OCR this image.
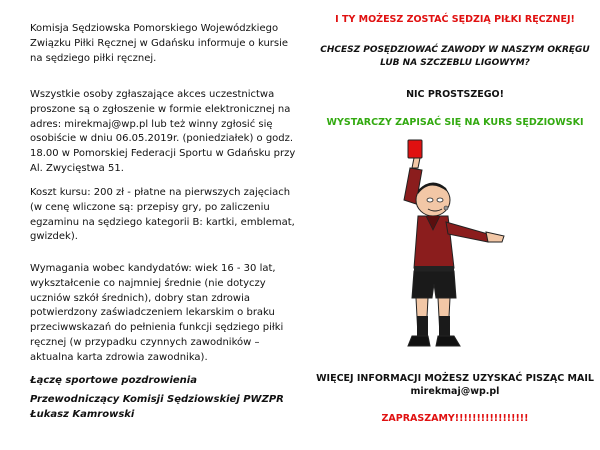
Komisja Sędziowska Pomorskiego Wojewódzkiego Związku Piłki Ręcznej w Gdańsku informuje o kursie na sędziego piłki ręcznej.

Wszystkie osoby zgłaszające akces uczestnictwa proszone są o zgłoszenie w formie elektronicznej na adres: mirekmaj@wp.pl lub też winny zgłosić się osobiście w dniu 06.05.2019r. (poniedziałek) o godz. 18.00 w Pomorskiej Federacji Sportu w Gdańsku przy Al. Zwycięstwa 51.

Koszt kursu: 200 zł - płatne na pierwszych zajęciach (w cenę wliczone są: przepisy gry, po zaliczeniu egzaminu na sędziego kategorii B: kartki, emblemat, gwizdek).

Wymagania wobec kandydatów: wiek 16 - 30 lat, wykształcenie co najmniej średnie (nie dotyczy uczniów szkół średnich), dobry stan zdrowia potwierdzony zaświadczeniem lekarskim o braku przeciwwskazań do pełnienia funkcji sędziego piłki ręcznej (w przypadku czynnych zawodników – aktualna karta zdrowia zawodnika).

Łączę sportowe pozdrowienia

Przewodniczący Komisji Sędziowskiej PWZPR

Łukasz Kamrowski

I TY MOŻESZ ZOSTAĆ SĘDZIĄ PIŁKI RĘCZNEJ!
CHCESZ POSĘDZIOWAĆ ZAWODY W NASZYM OKRĘGU
LUB NA SZCZEBLU LIGOWYM?
NIC PROSTSZEGO!
WYSTARCZY ZAPISAĆ SIĘ NA KURS SĘDZIOWSKI
WIĘCEJ INFORMACJI MOŻESZ UZYSKAĆ PISZĄC MAIL
mirekmaj@wp.pl
ZAPRASZAMY!!!!!!!!!!!!!!!!!
